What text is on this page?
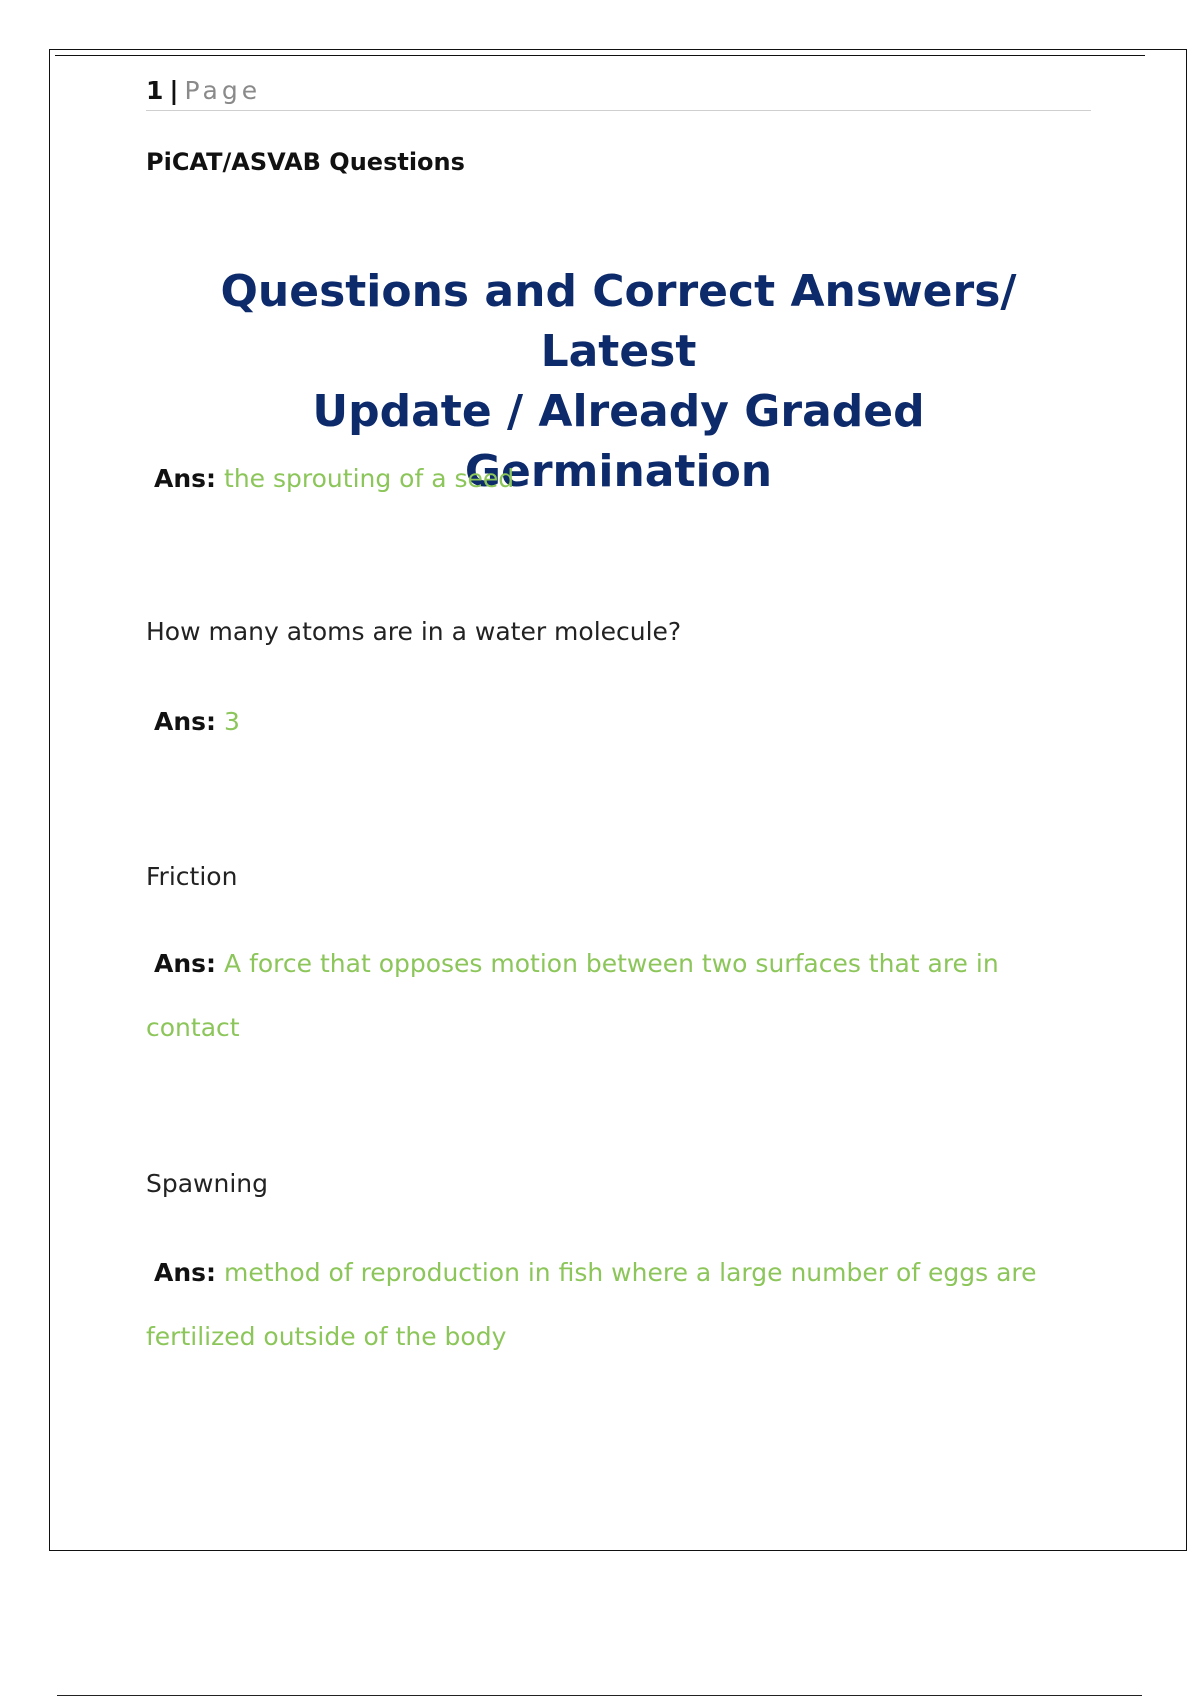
1 | Page
PiCAT/ASVAB Questions
Questions and Correct Answers/ Latest
Update / Already Graded
Germination
Ans: the sprouting of a seed
How many atoms are in a water molecule?
Ans: 3
Friction
Ans: A force that opposes motion between two surfaces that are in contact
Spawning
Ans: method of reproduction in fish where a large number of eggs are fertilized outside of the body
